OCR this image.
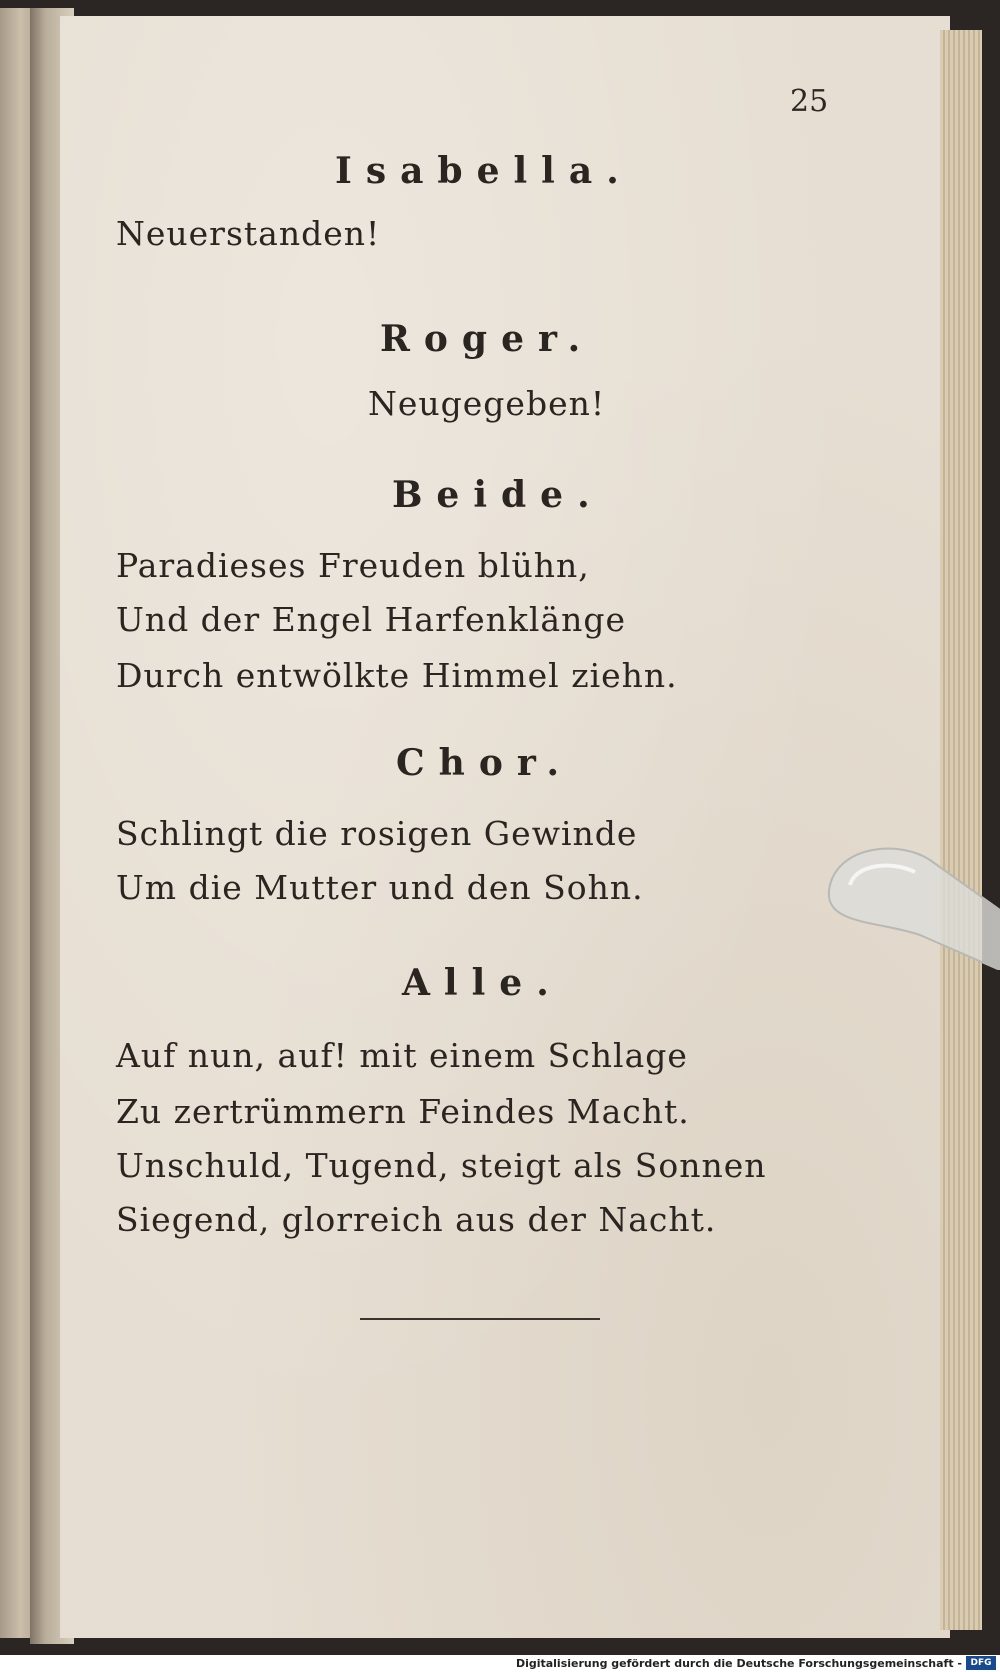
25
Isabella.
Neuerstanden!
Roger.
Neugegeben!
Beide.
Paradieses Freuden blühn,
Und der Engel Harfenklänge
Durch entwölkte Himmel ziehn.
Chor.
Schlingt die rosigen Gewinde
Um die Mutter und den Sohn.
Alle.
Auf nun, auf! mit einem Schlage
Zu zertrümmern Feindes Macht.
Unschuld, Tugend, steigt als Sonnen
Siegend, glorreich aus der Nacht.
Digitalisierung gefördert durch die Deutsche Forschungsgemeinschaft - DFG
